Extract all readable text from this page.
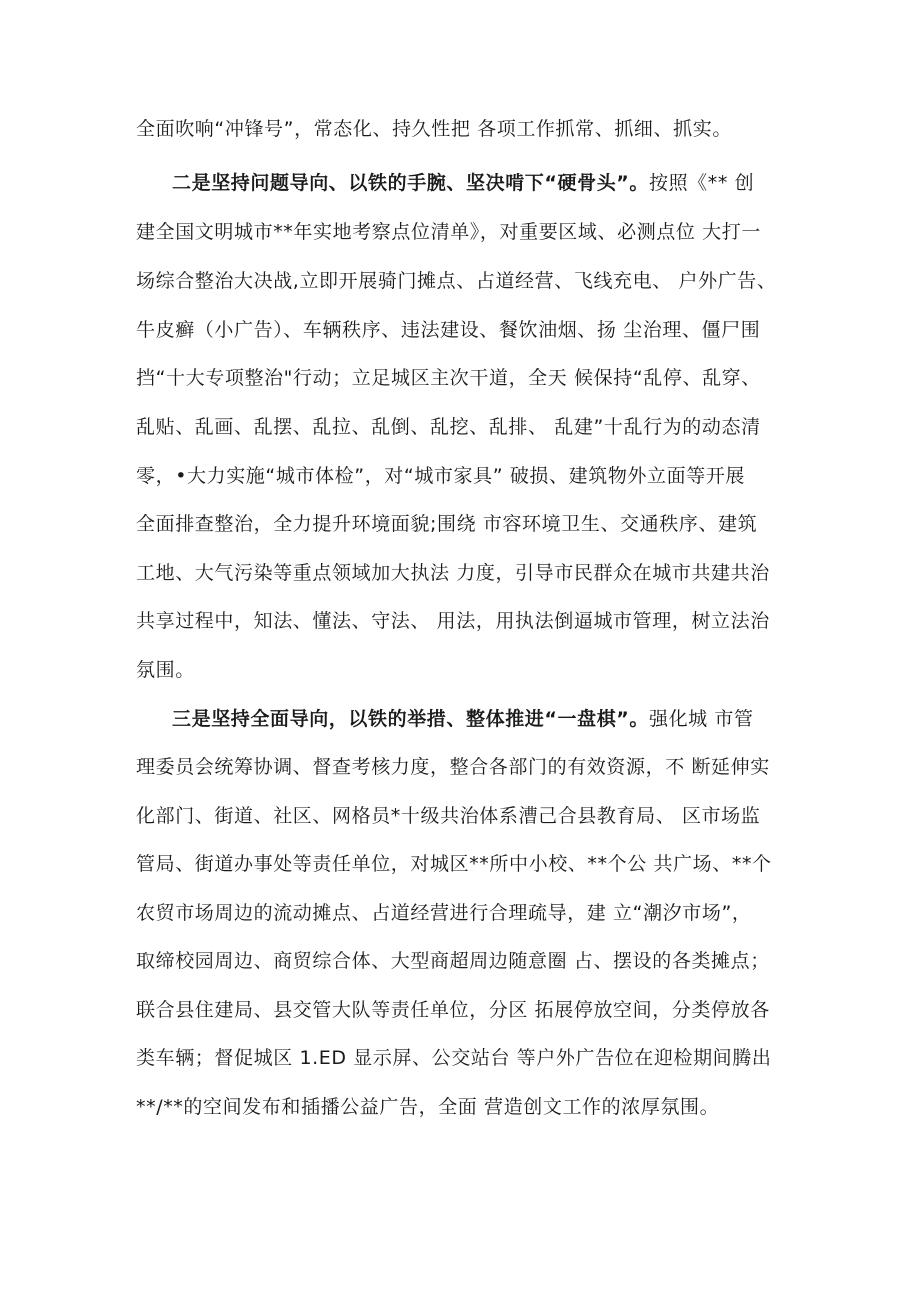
全面吹响“冲锋号”，常态化、持久性把 各项工作抓常、抓细、抓实。
二是坚持问题导向、以铁的手腕、坚决啃下“硬骨头”。按照《** 创
建全国文明城市**年实地考察点位清单》，对重要区域、必测点位 大打一
场综合整治大决战,立即开展骑门摊点、占道经营、飞线充电、 户外广告、
牛皮癣（小广告）、车辆秩序、违法建设、餐饮油烟、扬 尘治理、僵尸围
挡“十大专项整治"行动；立足城区主次干道，全天 候保持“乱停、乱穿、
乱贴、乱画、乱摆、乱拉、乱倒、乱挖、乱排、 乱建”十乱行为的动态清
零，•大力实施“城市体检”，对“城市家具” 破损、建筑物外立面等开展
全面排查整治，全力提升环境面貌;围绕 市容环境卫生、交通秩序、建筑
工地、大气污染等重点领域加大执法 力度，引导市民群众在城市共建共治
共享过程中，知法、懂法、守法、 用法，用执法倒逼城市管理，树立法治
氛围。
三是坚持全面导向，以铁的举措、整体推进“一盘棋”。强化城 市管
理委员会统筹协调、督查考核力度，整合各部门的有效资源，不 断延伸实
化部门、街道、社区、网格员*十级共治体系漕己合县教育局、 区市场监
管局、街道办事处等责任单位，对城区**所中小校、**个公 共广场、**个
农贸市场周边的流动摊点、占道经营进行合理疏导，建 立“潮汐市场”，
取缔校园周边、商贸综合体、大型商超周边随意圈 占、摆设的各类摊点；
联合县住建局、县交管大队等责任单位，分区 拓展停放空间，分类停放各
类车辆；督促城区 1.ED 显示屏、公交站台 等户外广告位在迎检期间腾出
**/**的空间发布和插播公益广告，全面 营造创文工作的浓厚氛围。
